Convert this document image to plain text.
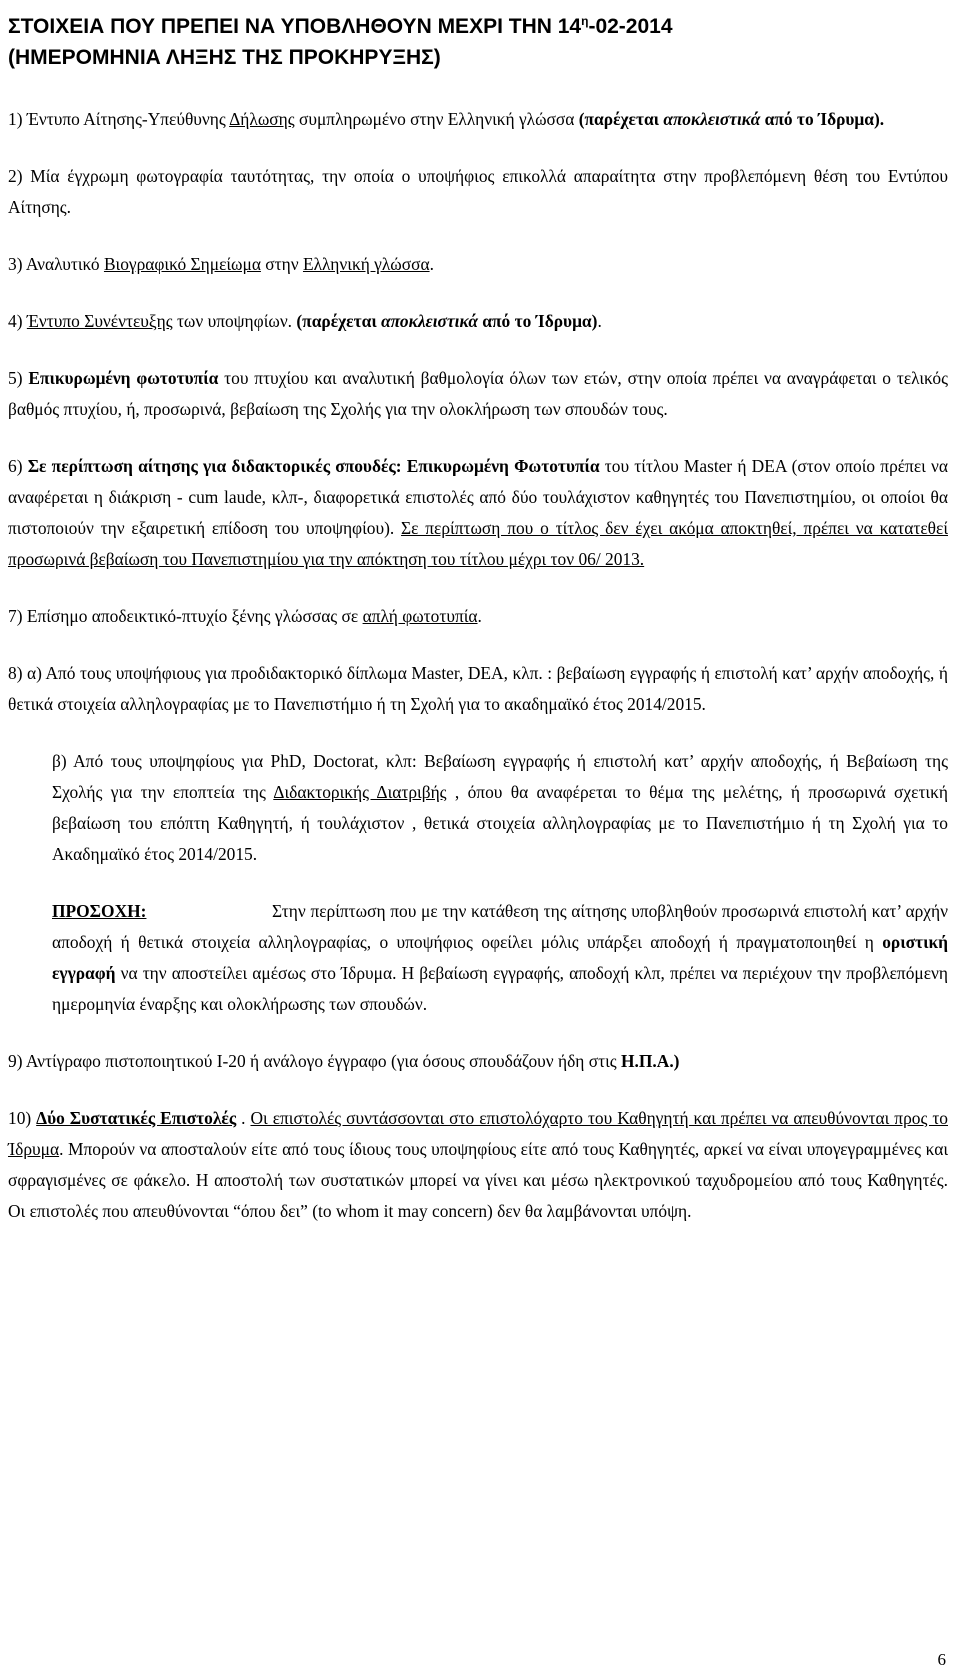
ΣΤΟΙΧΕΙΑ ΠΟΥ ΠΡΕΠΕΙ ΝΑ ΥΠΟΒΛΗΘΟΥΝ ΜΕΧΡΙ ΤΗΝ $14^\eta-02-2014$
(ΗΜΕΡΟΜΗΝΙΑ ΛΗΞΗΣ ΤΗΣ ΠΡΟΚΗΡΥΞΗΣ)

1) Έντυπο Αίτησης-Υπεύθυνης Δήλωσης συμπληρωμένο στην Ελληνική γλώσσα (παρέχεται αποκλειστικά από το Ίδρυμα).

2) Μία έγχρωμη φωτογραφία ταυτότητας, την οποία ο υποψήφιος επικολλά απαραίτητα στην προβλεπόμενη θέση του Εντύπου Αίτησης.

3) Αναλυτικό Βιογραφικό Σημείωμα στην Ελληνική γλώσσα.

4) Έντυπο Συνέντευξης των υποψηφίων. (παρέχεται αποκλειστικά από το Ίδρυμα).

5) Επικυρωμένη φωτοτυπία του πτυχίου και αναλυτική βαθμολογία όλων των ετών, στην οποία πρέπει να αναγράφεται ο τελικός βαθμός πτυχίου, ή, προσωρινά, βεβαίωση της Σχολής για την ολοκλήρωση των σπουδών τους.

6) Σε περίπτωση αίτησης για διδακτορικές σπουδές: Επικυρωμένη Φωτοτυπία του τίτλου Master ή DEA (στον οποίο πρέπει να αναφέρεται η διάκριση - cum laude, κλπ-, διαφορετικά επιστολές από δύο τουλάχιστον καθηγητές του Πανεπιστημίου, οι οποίοι θα πιστοποιούν την εξαιρετική επίδοση του υποψηφίου). Σε περίπτωση που ο τίτλος δεν έχει ακόμα αποκτηθεί, πρέπει να κατατεθεί προσωρινά βεβαίωση του Πανεπιστημίου για την απόκτηση του τίτλου μέχρι τον 06/ 2013.

7) Επίσημο αποδεικτικό-πτυχίο ξένης γλώσσας σε απλή φωτοτυπία.

8) α) Από τους υποψήφιους για προδιδακτορικό δίπλωμα Master, DEA, κλπ. : βεβαίωση εγγραφής ή επιστολή κατ’ αρχήν αποδοχής, ή θετικά στοιχεία αλληλογραφίας με το Πανεπιστήμιο ή τη Σχολή για το ακαδημαϊκό έτος 2014/2015.

β) Από τους υποψηφίους για PhD, Doctorat, κλπ: Βεβαίωση εγγραφής ή επιστολή κατ’ αρχήν αποδοχής, ή Βεβαίωση της Σχολής για την εποπτεία της Διδακτορικής Διατριβής , όπου θα αναφέρεται το θέμα της μελέτης, ή προσωρινά σχετική βεβαίωση του επόπτη Καθηγητή, ή τουλάχιστον , θετικά στοιχεία αλληλογραφίας με το Πανεπιστήμιο ή τη Σχολή για το Ακαδημαϊκό έτος 2014/2015.

ΠΡΟΣΟΧΗ:	Στην περίπτωση που με την κατάθεση της αίτησης υποβληθούν προσωρινά επιστολή κατ’ αρχήν αποδοχή ή θετικά στοιχεία αλληλογραφίας, ο υποψήφιος οφείλει μόλις υπάρξει αποδοχή ή πραγματοποιηθεί η οριστική εγγραφή να την αποστείλει αμέσως στο Ίδρυμα. Η βεβαίωση εγγραφής, αποδοχή κλπ, πρέπει να περιέχουν την προβλεπόμενη ημερομηνία έναρξης και ολοκλήρωσης των σπουδών.

9) Αντίγραφο πιστοποιητικού Ι-20 ή ανάλογο έγγραφο (για όσους σπουδάζουν ήδη στις Η.Π.Α.)

10) Δύο Συστατικές Επιστολές . Οι επιστολές συντάσσονται στο επιστολόχαρτο του Καθηγητή και πρέπει να απευθύνονται προς το Ίδρυμα. Μπορούν να αποσταλούν είτε από τους ίδιους τους υποψηφίους είτε από τους Καθηγητές, αρκεί να είναι υπογεγραμμένες και σφραγισμένες σε φάκελο. Η αποστολή των συστατικών μπορεί να γίνει και μέσω ηλεκτρονικού ταχυδρομείου από τους Καθηγητές. Οι επιστολές που απευθύνονται “όπου δει” (to whom it may concern) δεν θα λαμβάνονται υπόψη.

6
